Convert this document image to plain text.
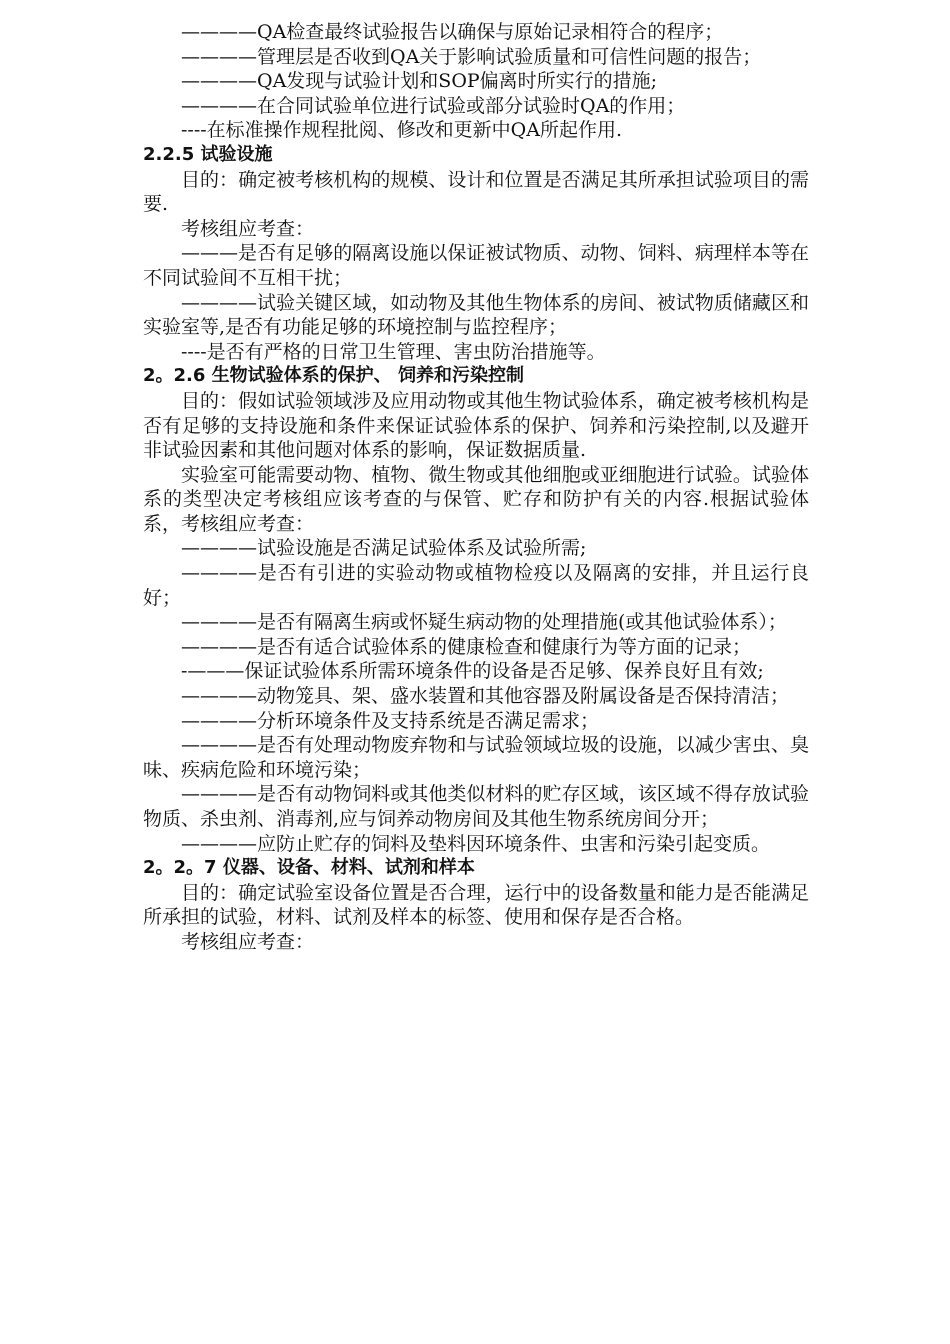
————QA检查最终试验报告以确保与原始记录相符合的程序；

————管理层是否收到QA关于影响试验质量和可信性问题的报告；

————QA发现与试验计划和SOP偏离时所实行的措施;

————在合同试验单位进行试验或部分试验时QA的作用；

----在标准操作规程批阅、修改和更新中QA所起作用.

2.2.5 试验设施

目的：确定被考核机构的规模、设计和位置是否满足其所承担试验项目的需要.

考核组应考查：

———是否有足够的隔离设施以保证被试物质、动物、饲料、病理样本等在不同试验间不互相干扰；

————试验关键区域，如动物及其他生物体系的房间、被试物质储藏区和实验室等,是否有功能足够的环境控制与监控程序；

----是否有严格的日常卫生管理、害虫防治措施等。

2。2.6 生物试验体系的保护、 饲养和污染控制

目的：假如试验领域涉及应用动物或其他生物试验体系，确定被考核机构是否有足够的支持设施和条件来保证试验体系的保护、饲养和污染控制,以及避开非试验因素和其他问题对体系的影响，保证数据质量.

实验室可能需要动物、植物、微生物或其他细胞或亚细胞进行试验。试验体系的类型决定考核组应该考查的与保管、贮存和防护有关的内容.根据试验体系，考核组应考查：

————试验设施是否满足试验体系及试验所需;

————是否有引进的实验动物或植物检疫以及隔离的安排，并且运行良好；

————是否有隔离生病或怀疑生病动物的处理措施(或其他试验体系）；

————是否有适合试验体系的健康检查和健康行为等方面的记录；

-———保证试验体系所需环境条件的设备是否足够、保养良好且有效;

————动物笼具、架、盛水装置和其他容器及附属设备是否保持清洁；

————分析环境条件及支持系统是否满足需求；

————是否有处理动物废弃物和与试验领域垃圾的设施，以减少害虫、臭味、疾病危险和环境污染；

————是否有动物饲料或其他类似材料的贮存区域，该区域不得存放试验物质、杀虫剂、消毒剂,应与饲养动物房间及其他生物系统房间分开；

————应防止贮存的饲料及垫料因环境条件、虫害和污染引起变质。

2。2。7 仪器、设备、材料、试剂和样本

目的：确定试验室设备位置是否合理，运行中的设备数量和能力是否能满足所承担的试验，材料、试剂及样本的标签、使用和保存是否合格。

考核组应考查：
